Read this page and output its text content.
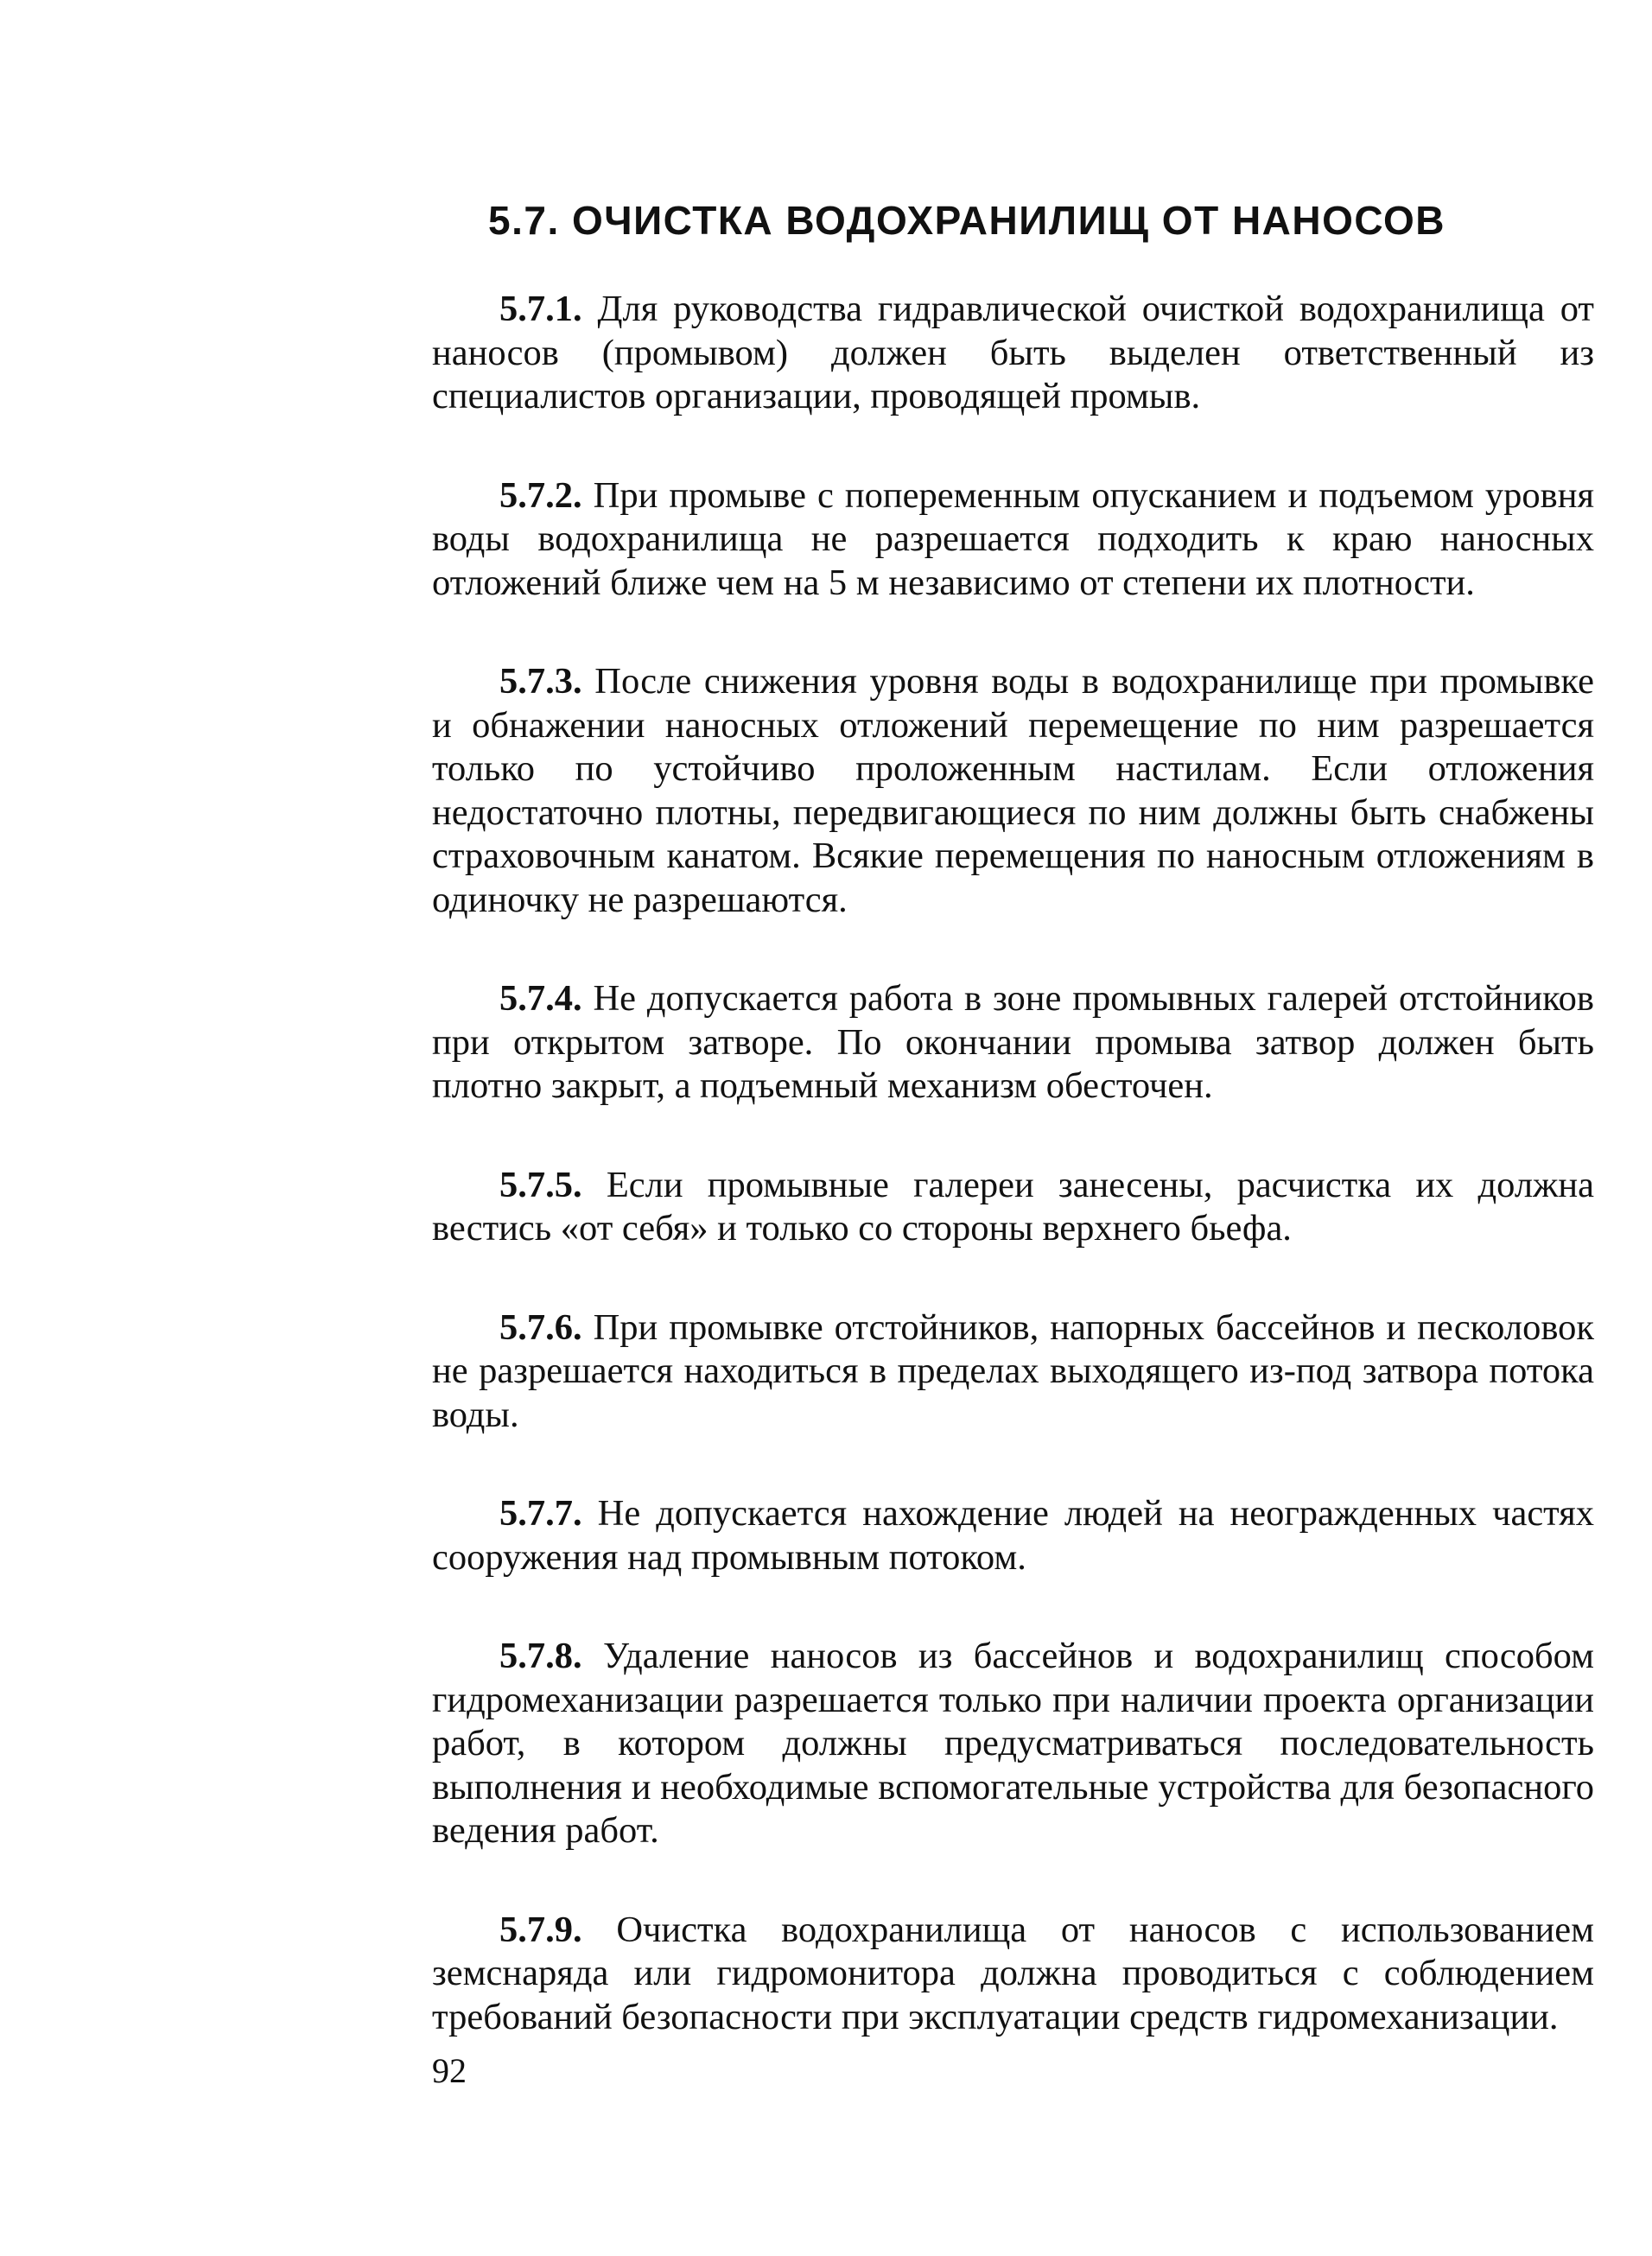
5.7. ОЧИСТКА ВОДОХРАНИЛИЩ ОТ НАНОСОВ

5.7.1. Для руководства гидравлической очисткой водохранилища от наносов (промывом) должен быть выделен ответственный из специалистов организации, проводящей промыв.

5.7.2. При промыве с попеременным опусканием и подъемом уровня воды водохранилища не разрешается подходить к краю наносных отложений ближе чем на 5 м независимо от степени их плотности.

5.7.3. После снижения уровня воды в водохранилище при промывке и обнажении наносных отложений перемещение по ним разрешается только по устойчиво проложенным настилам. Если отложения недостаточно плотны, передвигающиеся по ним должны быть снабжены страховочным канатом. Всякие перемещения по наносным отложениям в одиночку не разрешаются.

5.7.4. Не допускается работа в зоне промывных галерей отстойников при открытом затворе. По окончании промыва затвор должен быть плотно закрыт, а подъемный механизм обесточен.

5.7.5. Если промывные галереи занесены, расчистка их должна вестись «от себя» и только со стороны верхнего бьефа.

5.7.6. При промывке отстойников, напорных бассейнов и песколовок не разрешается находиться в пределах выходящего из-под затвора потока воды.

5.7.7. Не допускается нахождение людей на неогражденных частях сооружения над промывным потоком.

5.7.8. Удаление наносов из бассейнов и водохранилищ способом гидромеханизации разрешается только при наличии проекта организации работ, в котором должны предусматриваться последовательность выполнения и необходимые вспомогательные устройства для безопасного ведения работ.

5.7.9. Очистка водохранилища от наносов с использованием земснаряда или гидромонитора должна проводиться с соблюдением требований безопасности при эксплуатации средств гидромеханизации.

92
